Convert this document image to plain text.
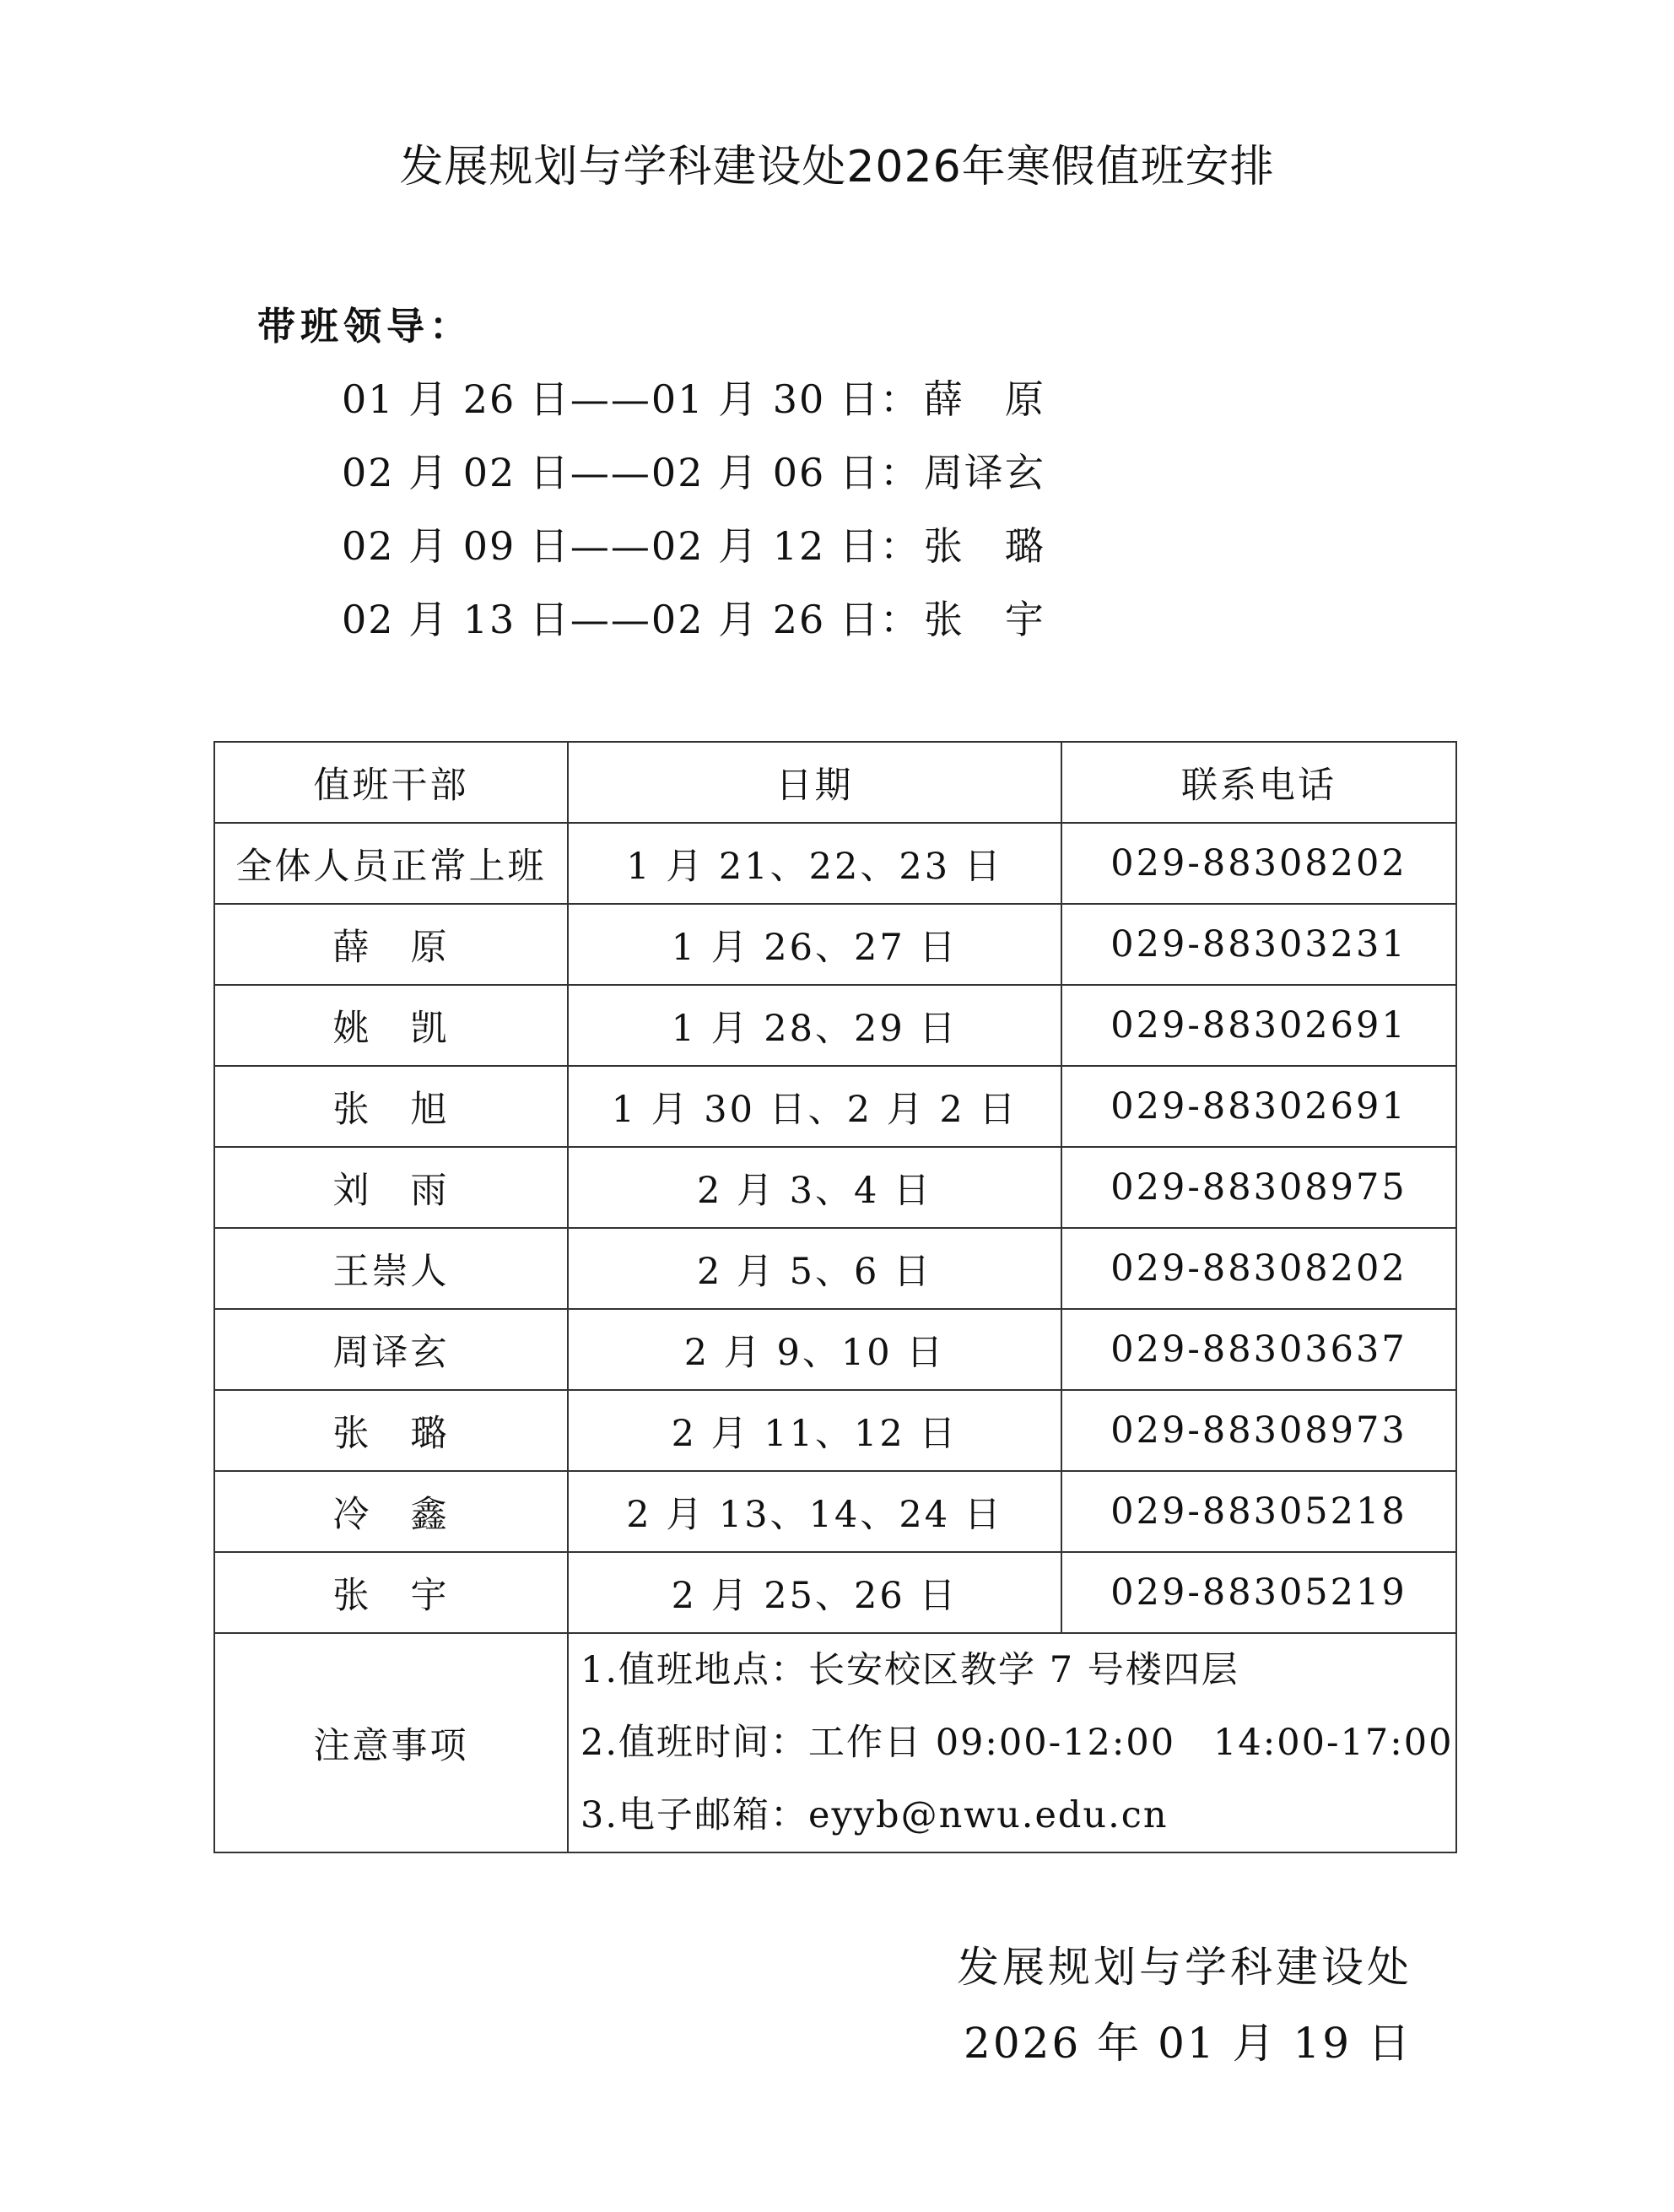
发展规划与学科建设处2026年寒假值班安排
带班领导：
01 月 26 日——01 月 30 日：薛　原
02 月 02 日——02 月 06 日：周译玄
02 月 09 日——02 月 12 日：张　璐
02 月 13 日——02 月 26 日：张　宇
值班干部	日期	联系电话
全体人员正常上班	1 月 21、22、23 日	029-88308202
薛　原	1 月 26、27 日	029-88303231
姚　凯	1 月 28、29 日	029-88302691
张　旭	1 月 30 日、2 月 2 日	029-88302691
刘　雨	2 月 3、4 日	029-88308975
王崇人	2 月 5、6 日	029-88308202
周译玄	2 月 9、10 日	029-88303637
张　璐	2 月 11、12 日	029-88308973
冷　鑫	2 月 13、14、24 日	029-88305218
张　宇	2 月 25、26 日	029-88305219
注意事项	1.值班地点：长安校区教学 7 号楼四层
2.值班时间：工作日 09:00-12:00　14:00-17:00
3.电子邮箱：eyyb@nwu.edu.cn	
发展规划与学科建设处
2026 年 01 月 19 日
